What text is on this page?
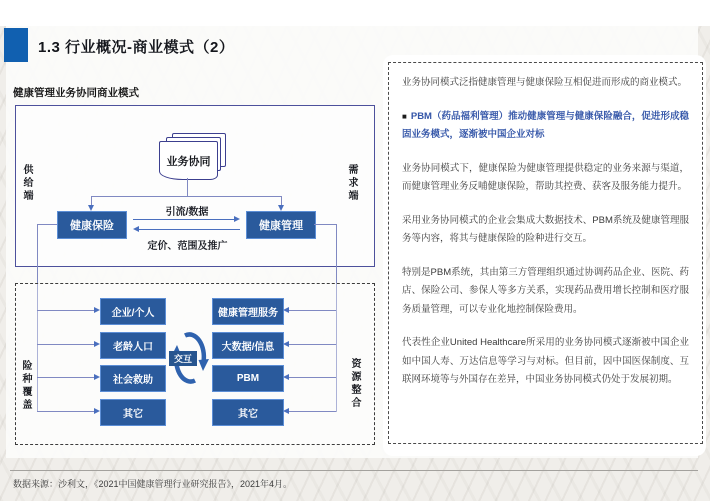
1.3 行业概况-商业模式（2）
健康管理业务协同商业模式
业务协同
供给端	需求端
健康保险	健康管理
引流/数据
定价、范围及推广
险种覆盖	资源整合
企业/个人
老龄人口
社会救助
其它
健康管理服务
大数据/信息
PBM
其它
交互

业务协同模式泛指健康管理与健康保险互相促进而形成的商业模式。

■ PBM（药品福利管理）推动健康管理与健康保险融合，促进形成稳固业务模式，逐渐被中国企业对标

业务协同模式下，健康保险为健康管理提供稳定的业务来源与渠道，而健康管理业务反哺健康保险，帮助其控费、获客及服务能力提升。

采用业务协同模式的企业会集成大数据技术、PBM系统及健康管理服务等内容，将其与健康保险的险种进行交互。

特别是PBM系统，其由第三方管理组织通过协调药品企业、医院、药店、保险公司、参保人等多方关系，实现药品费用增长控制和医疗服务质量管理，可以专业化地控制保险费用。

代表性企业United Healthcare所采用的业务协同模式逐渐被中国企业如中国人寿、万达信息等学习与对标。但目前，因中国医保制度、互联网环境等与外国存在差异，中国业务协同模式仍处于发展初期。

数据来源：沙利文，《2021中国健康管理行业研究报告》，2021年4月。
